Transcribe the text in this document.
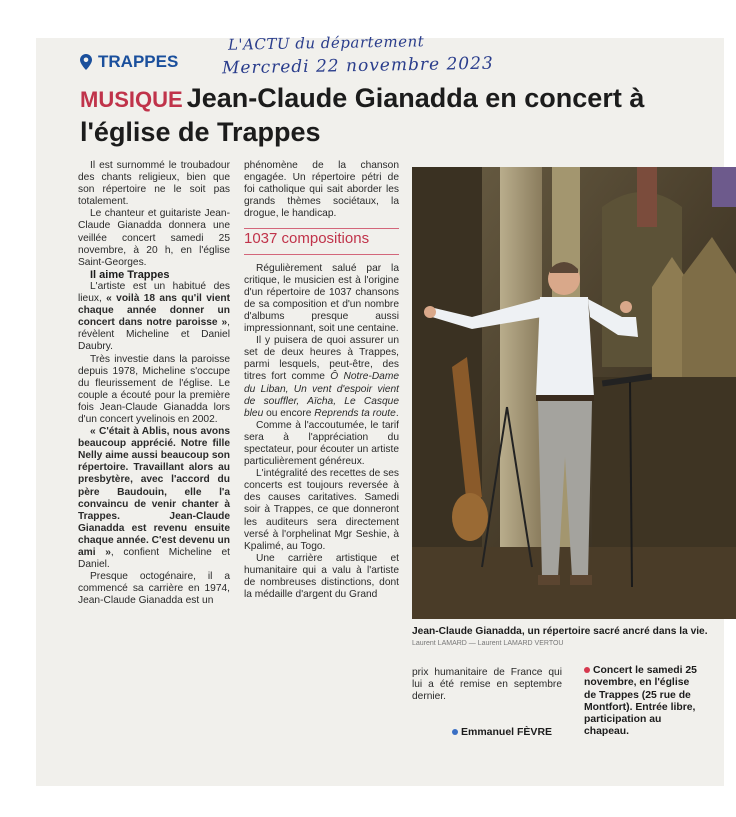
L'ACTU du département
Mercredi 22 novembre 2023
TRAPPES
MUSIQUE Jean-Claude Gianadda en concert à l'église de Trappes

Il est surnommé le troubadour des chants religieux, bien que son répertoire ne le soit pas totalement.

Le chanteur et guitariste Jean-Claude Gianadda donnera une veillée concert samedi 25 novembre, à 20 h, en l'église Saint-Georges.

Il aime Trappes

L'artiste est un habitué des lieux, « voilà 18 ans qu'il vient chaque année donner un concert dans notre paroisse », révèlent Micheline et Daniel Daubry.

Très investie dans la paroisse depuis 1978, Micheline s'occupe du fleurissement de l'église. Le couple a écouté pour la première fois Jean-Claude Gianadda lors d'un concert yvelinois en 2002.

« C'était à Ablis, nous avons beaucoup apprécié. Notre fille Nelly aime aussi beaucoup son répertoire. Travaillant alors au presbytère, avec l'accord du père Baudouin, elle l'a convaincu de venir chanter à Trappes. Jean-Claude Gianadda est revenu ensuite chaque année. C'est devenu un ami », confient Micheline et Daniel.

Presque octogénaire, il a commencé sa carrière en 1974, Jean-Claude Gianadda est un

phénomène de la chanson engagée. Un répertoire pétri de foi catholique qui sait aborder les grands thèmes sociétaux, la drogue, le handicap.

1037 compositions

Régulièrement salué par la critique, le musicien est à l'origine d'un répertoire de 1037 chansons de sa composition et d'un nombre d'albums presque aussi impressionnant, soit une centaine.

Il y puisera de quoi assurer un set de deux heures à Trappes, parmi lesquels, peut-être, des titres fort comme Ô Notre-Dame du Liban, Un vent d'espoir vient de souffler, Aïcha, Le Casque bleu ou encore Reprends ta route.

Comme à l'accoutumée, le tarif sera à l'appréciation du spectateur, pour écouter un artiste particulièrement généreux.

L'intégralité des recettes de ses concerts est toujours reversée à des causes caritatives. Samedi soir à Trappes, ce que donneront les auditeurs sera directement versé à l'orphelinat Mgr Seshie, à Kpalimé, au Togo.

Une carrière artistique et humanitaire qui a valu à l'artiste de nombreuses distinctions, dont la médaille d'argent du Grand

Jean-Claude Gianadda, un répertoire sacré ancré dans la vie.
Laurent LAMARD — Laurent LAMARD VERTOU

prix humanitaire de France qui lui a été remise en septembre dernier.

Emmanuel FÈVRE
Concert le samedi 25 novembre, en l'église de Trappes (25 rue de Montfort). Entrée libre, participation au chapeau.
